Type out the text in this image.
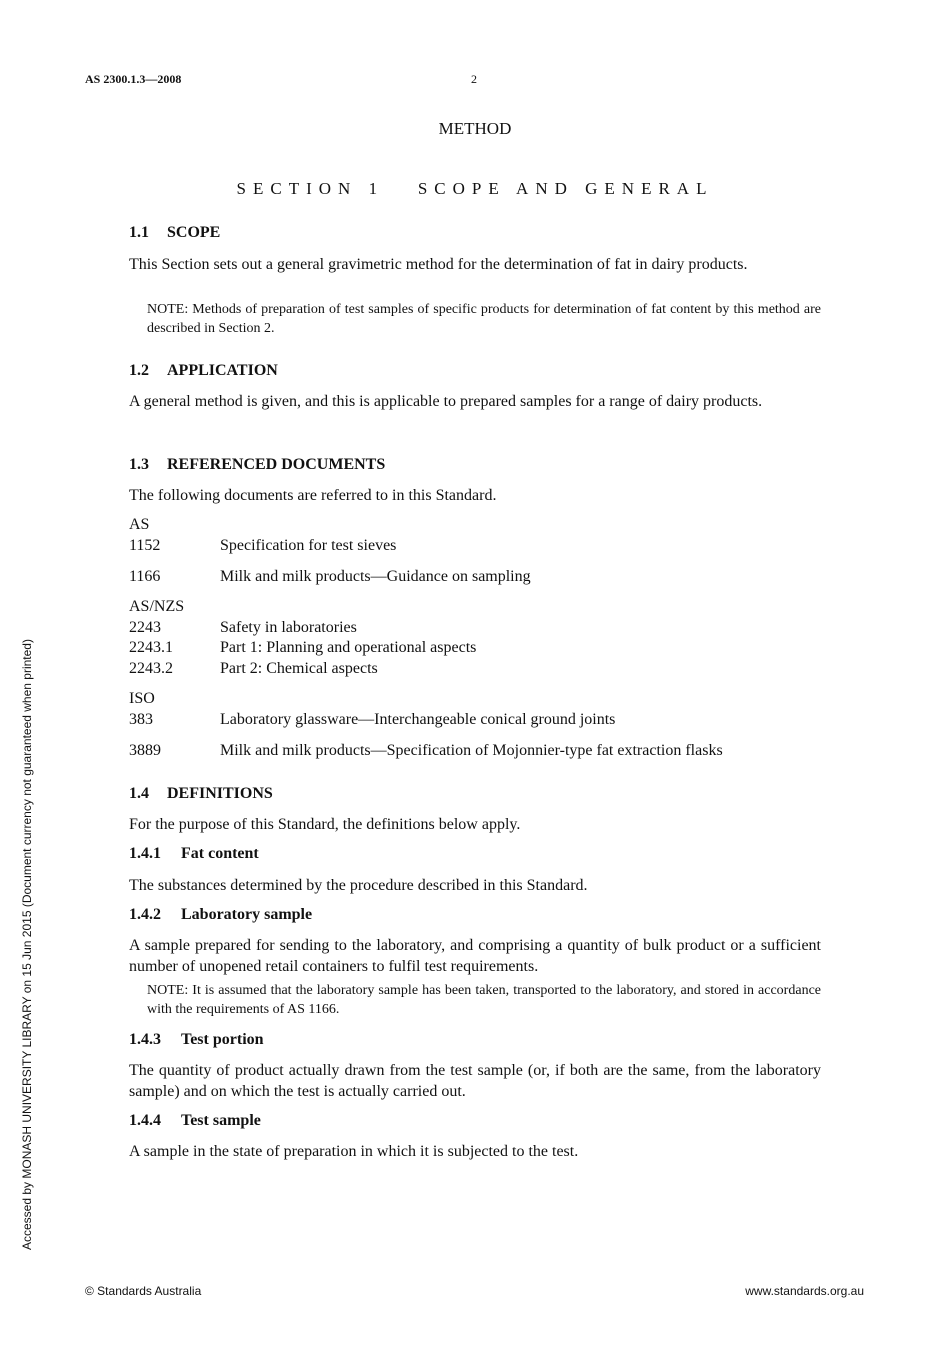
AS 2300.1.3—2008	2
METHOD
SECTION 1   SCOPE AND GENERAL
1.1 SCOPE
This Section sets out a general gravimetric method for the determination of fat in dairy products.
NOTE: Methods of preparation of test samples of specific products for determination of fat content by this method are described in Section 2.
1.2 APPLICATION
A general method is given, and this is applicable to prepared samples for a range of dairy products.
1.3 REFERENCED DOCUMENTS
The following documents are referred to in this Standard.
AS
1152	Specification for test sieves
1166	Milk and milk products—Guidance on sampling
AS/NZS
2243	Safety in laboratories
2243.1	Part 1: Planning and operational aspects
2243.2	Part 2: Chemical aspects
ISO
383	Laboratory glassware—Interchangeable conical ground joints
3889	Milk and milk products—Specification of Mojonnier-type fat extraction flasks
1.4 DEFINITIONS
For the purpose of this Standard, the definitions below apply.
1.4.1 Fat content
The substances determined by the procedure described in this Standard.
1.4.2 Laboratory sample
A sample prepared for sending to the laboratory, and comprising a quantity of bulk product or a sufficient number of unopened retail containers to fulfil test requirements.
NOTE: It is assumed that the laboratory sample has been taken, transported to the laboratory, and stored in accordance with the requirements of AS 1166.
1.4.3 Test portion
The quantity of product actually drawn from the test sample (or, if both are the same, from the laboratory sample) and on which the test is actually carried out.
1.4.4 Test sample
A sample in the state of preparation in which it is subjected to the test.
Accessed by MONASH UNIVERSITY LIBRARY on 15 Jun 2015 (Document currency not guaranteed when printed)
© Standards Australia	www.standards.org.au
